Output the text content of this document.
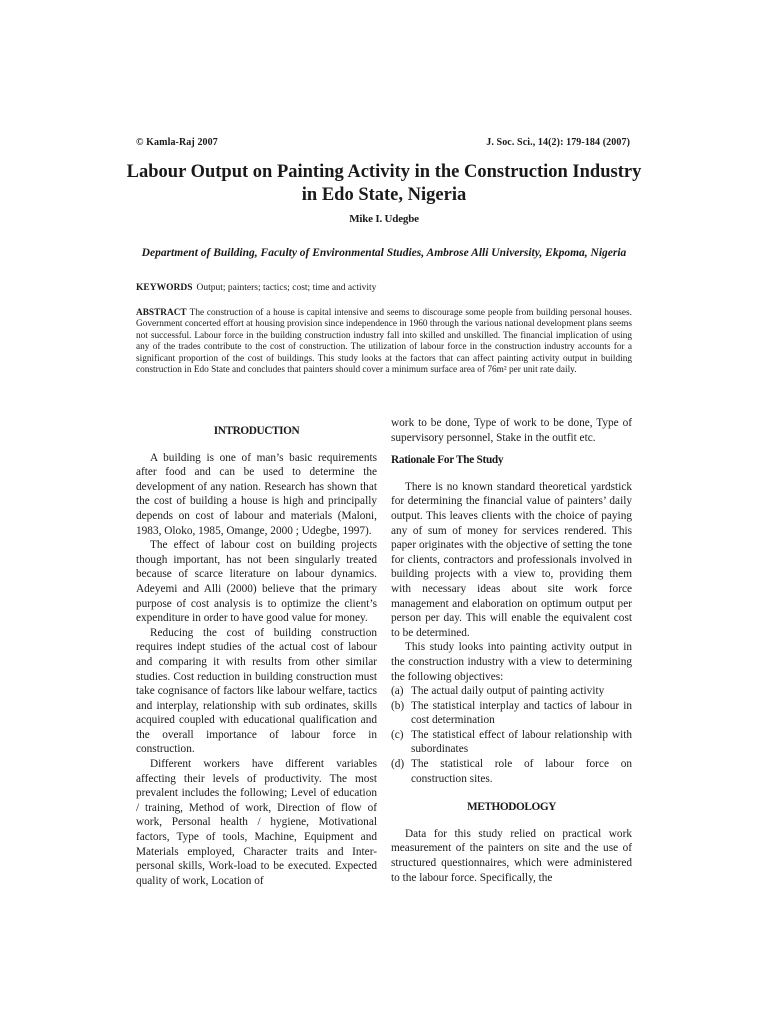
© Kamla-Raj 2007	J. Soc. Sci., 14(2): 179-184 (2007)
Labour Output on Painting Activity in the Construction Industry in Edo State, Nigeria
Mike I. Udegbe
Department of Building, Faculty of Environmental Studies, Ambrose Alli University, Ekpoma, Nigeria
KEYWORDS Output; painters; tactics; cost; time and activity
ABSTRACT The construction of a house is capital intensive and seems to discourage some people from building personal houses. Government concerted effort at housing provision since independence in 1960 through the various national development plans seems not successful. Labour force in the building construction industry fall into skilled and unskilled. The financial implication of using any of the trades contribute to the cost of construction. The utilization of labour force in the construction industry accounts for a significant proportion of the cost of buildings. This study looks at the factors that can affect painting activity output in building construction in Edo State and concludes that painters should cover a minimum surface area of 76m² per unit rate daily.
INTRODUCTION

A building is one of man’s basic requirements after food and can be used to determine the development of any nation. Research has shown that the cost of building a house is high and principally depends on cost of labour and materials (Maloni, 1983, Oloko, 1985, Omange, 2000 ; Udegbe, 1997).

The effect of labour cost on building projects though important, has not been singularly treated because of scarce literature on labour dynamics. Adeyemi and Alli (2000) believe that the primary purpose of cost analysis is to optimize the client’s expenditure in order to have good value for money.

Reducing the cost of building construction requires indept studies of the actual cost of labour and comparing it with results from other similar studies. Cost reduction in building construction must take cognisance of factors like labour welfare, tactics and interplay, relationship with sub ordinates, skills acquired coupled with educational qualification and the overall importance of labour force in construction.

Different workers have different variables affecting their levels of productivity. The most prevalent includes the following; Level of education / training, Method of work, Direction of flow of work, Personal health / hygiene, Motivational factors, Type of tools, Machine, Equipment and Materials employed, Character traits and Inter-personal skills, Work-load to be executed. Expected quality of work, Location of

work to be done, Type of work to be done, Type of supervisory personnel, Stake in the outfit etc.

Rationale For The Study

There is no known standard theoretical yardstick for determining the financial value of painters’ daily output. This leaves clients with the choice of paying any of sum of money for services rendered. This paper originates with the objective of setting the tone for clients, contractors and professionals involved in building projects with a view to, providing them with necessary ideas about site work force management and elaboration on optimum output per person per day. This will enable the equivalent cost to be determined.

This study looks into painting activity output in the construction industry with a view to determining the following objectives:

(a) The actual daily output of painting activity
(b) The statistical interplay and tactics of labour in cost determination
(c) The statistical effect of labour relationship with subordinates
(d) The statistical role of labour force on construction sites.
METHODOLOGY

Data for this study relied on practical work measurement of the painters on site and the use of structured questionnaires, which were administered to the labour force. Specifically, the
